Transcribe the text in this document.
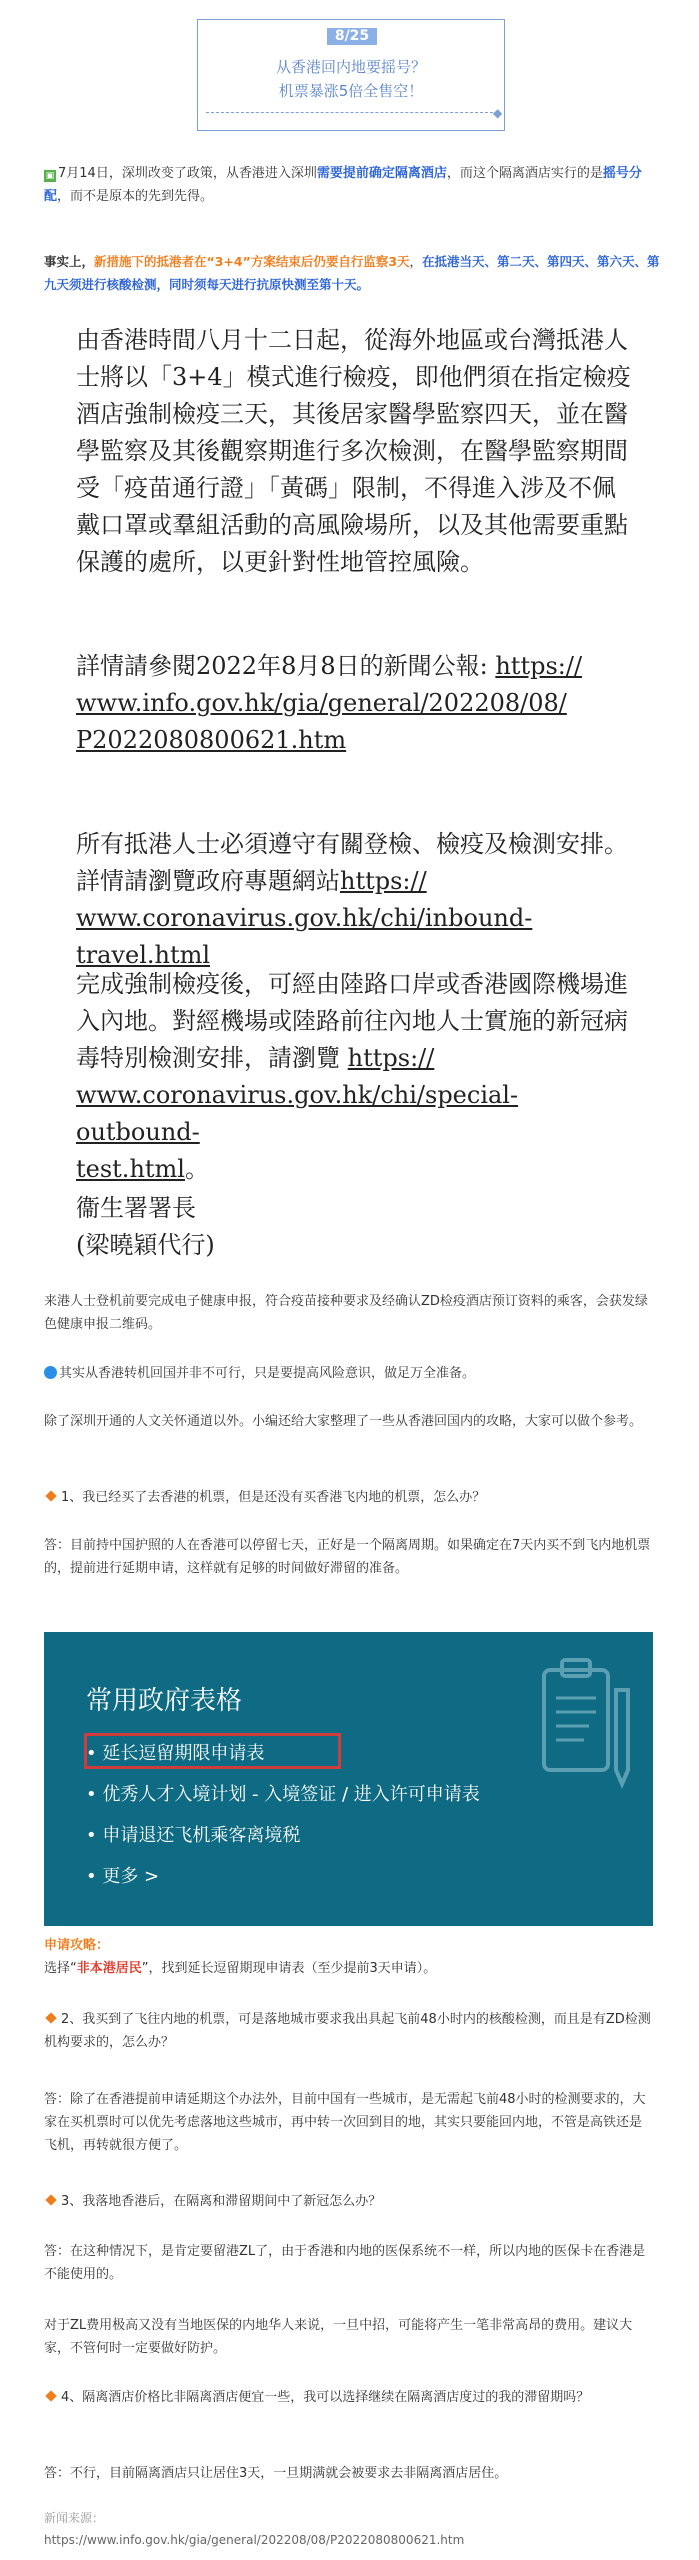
8/25
从香港回内地要摇号？
机票暴涨5倍全售空！
◆
▣ 7月14日，深圳改变了政策，从香港进入深圳需要提前确定隔离酒店，而这个隔离酒店实行的是摇号分配，而不是原本的先到先得。
事实上，新措施下的抵港者在“3+4”方案结束后仍要自行监察3天，在抵港当天、第二天、第四天、第六天、第九天须进行核酸检测，同时须每天进行抗原快测至第十天。
由香港時間八月十二日起，從海外地區或台灣抵港人士將以「3+4」模式進行檢疫，即他們須在指定檢疫酒店強制檢疫三天，其後居家醫學監察四天，並在醫學監察及其後觀察期進行多次檢測，在醫學監察期間受「疫苗通行證」「黃碼」限制，不得進入涉及不佩戴口罩或羣組活動的高風險場所，以及其他需要重點保護的處所，以更針對性地管控風險。
詳情請參閱2022年8月8日的新聞公報: https://
www.info.gov.hk/gia/general/202208/08/
P2022080800621.htm
所有抵港人士必須遵守有關登檢、檢疫及檢測安排。詳情請瀏覽政府專題網站https://
www.coronavirus.gov.hk/chi/inbound-travel.html
完成強制檢疫後，可經由陸路口岸或香港國際機場進入內地。對經機場或陸路前往內地人士實施的新冠病毒特別檢測安排，請瀏覽 https://
www.coronavirus.gov.hk/chi/special-outbound-
test.html。
衞生署署長
(梁曉穎代行)
来港人士登机前要完成电子健康申报，符合疫苗接种要求及经确认ZD检疫酒店预订资料的乘客，会获发绿色健康申报二维码。
其实从香港转机回国并非不可行，只是要提高风险意识，做足万全准备。
除了深圳开通的人文关怀通道以外。小编还给大家整理了一些从香港回国内的攻略，大家可以做个参考。
1、我已经买了去香港的机票，但是还没有买香港飞内地的机票，怎么办？
答：目前持中国护照的人在香港可以停留七天，正好是一个隔离周期。如果确定在7天内买不到飞内地机票的，提前进行延期申请，这样就有足够的时间做好滞留的准备。
常用政府表格
• 延长逗留期限申请表
• 优秀人才入境计划 - 入境签证 / 进入许可申请表
• 申请退还飞机乘客离境税
• 更多 >
申请攻略：
选择“非本港居民”，找到延长逗留期现申请表（至少提前3天申请）。
2、我买到了飞往内地的机票，可是落地城市要求我出具起飞前48小时内的核酸检测，而且是有ZD检测机构要求的，怎么办？
答：除了在香港提前申请延期这个办法外，目前中国有一些城市，是无需起飞前48小时的检测要求的，大家在买机票时可以优先考虑落地这些城市，再中转一次回到目的地，其实只要能回内地，不管是高铁还是飞机，再转就很方便了。
3、我落地香港后，在隔离和滞留期间中了新冠怎么办？
答：在这种情况下，是肯定要留港ZL了，由于香港和内地的医保系统不一样，所以内地的医保卡在香港是不能使用的。
对于ZL费用极高又没有当地医保的内地华人来说，一旦中招，可能将产生一笔非常高昂的费用。建议大家，不管何时一定要做好防护。
4、隔离酒店价格比非隔离酒店便宜一些，我可以选择继续在隔离酒店度过的我的滞留期吗？
答：不行，目前隔离酒店只让居住3天，一旦期满就会被要求去非隔离酒店居住。
新闻来源：
https://www.info.gov.hk/gia/general/202208/08/P2022080800621.htm
